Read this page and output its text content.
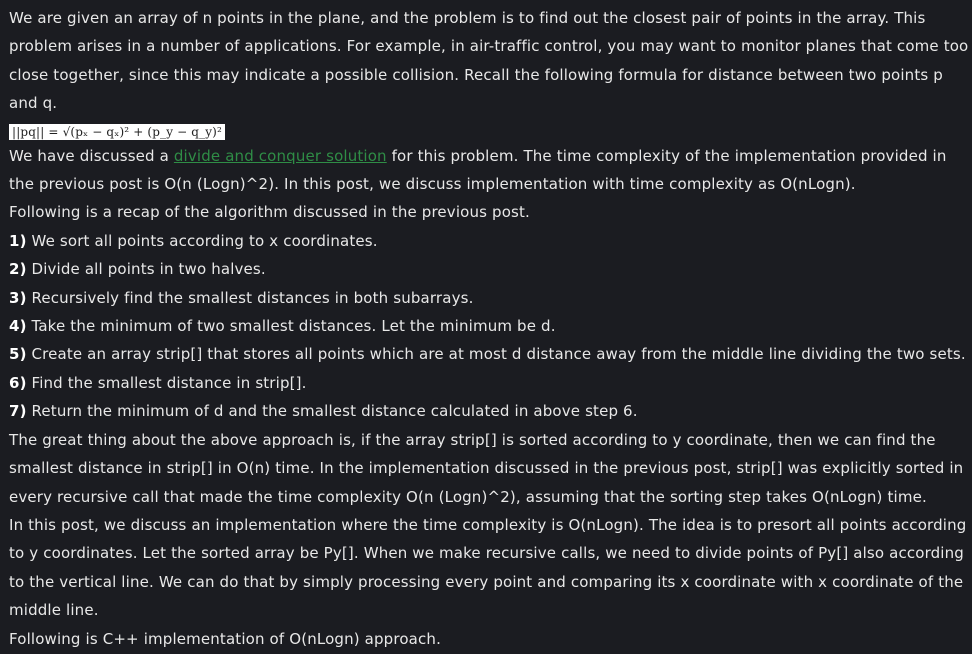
We are given an array of n points in the plane, and the problem is to find out the closest pair of points in the array. This problem arises in a number of applications. For example, in air-traffic control, you may want to monitor planes that come too close together, since this may indicate a possible collision. Recall the following formula for distance between two points p and q.

||pq|| = √(pₓ − qₓ)² + (p_y − q_y)²

We have discussed a divide and conquer solution for this problem. The time complexity of the implementation provided in the previous post is O(n (Logn)^2). In this post, we discuss implementation with time complexity as O(nLogn).

Following is a recap of the algorithm discussed in the previous post.

1) We sort all points according to x coordinates.

2) Divide all points in two halves.

3) Recursively find the smallest distances in both subarrays.

4) Take the minimum of two smallest distances. Let the minimum be d.

5) Create an array strip[] that stores all points which are at most d distance away from the middle line dividing the two sets.

6) Find the smallest distance in strip[].

7) Return the minimum of d and the smallest distance calculated in above step 6.

The great thing about the above approach is, if the array strip[] is sorted according to y coordinate, then we can find the smallest distance in strip[] in O(n) time. In the implementation discussed in the previous post, strip[] was explicitly sorted in every recursive call that made the time complexity O(n (Logn)^2), assuming that the sorting step takes O(nLogn) time.

In this post, we discuss an implementation where the time complexity is O(nLogn). The idea is to presort all points according to y coordinates. Let the sorted array be Py[]. When we make recursive calls, we need to divide points of Py[] also according to the vertical line. We can do that by simply processing every point and comparing its x coordinate with x coordinate of the middle line.

Following is C++ implementation of O(nLogn) approach.
